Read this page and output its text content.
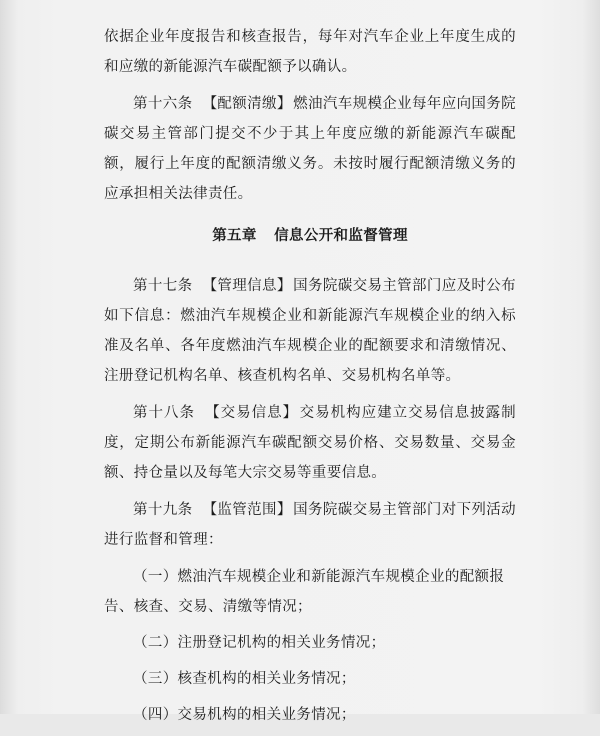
依据企业年度报告和核查报告，每年对汽车企业上年度生成的和应缴的新能源汽车碳配额予以确认。

第十六条 【配额清缴】燃油汽车规模企业每年应向国务院碳交易主管部门提交不少于其上年度应缴的新能源汽车碳配额，履行上年度的配额清缴义务。未按时履行配额清缴义务的应承担相关法律责任。

第五章 信息公开和监督管理

第十七条 【管理信息】国务院碳交易主管部门应及时公布如下信息：燃油汽车规模企业和新能源汽车规模企业的纳入标准及名单、各年度燃油汽车规模企业的配额要求和清缴情况、注册登记机构名单、核查机构名单、交易机构名单等。

第十八条 【交易信息】交易机构应建立交易信息披露制度，定期公布新能源汽车碳配额交易价格、交易数量、交易金额、持仓量以及每笔大宗交易等重要信息。

第十九条 【监管范围】国务院碳交易主管部门对下列活动进行监督和管理：

（一）燃油汽车规模企业和新能源汽车规模企业的配额报告、核查、交易、清缴等情况；

（二）注册登记机构的相关业务情况；

（三）核查机构的相关业务情况；

（四）交易机构的相关业务情况；
